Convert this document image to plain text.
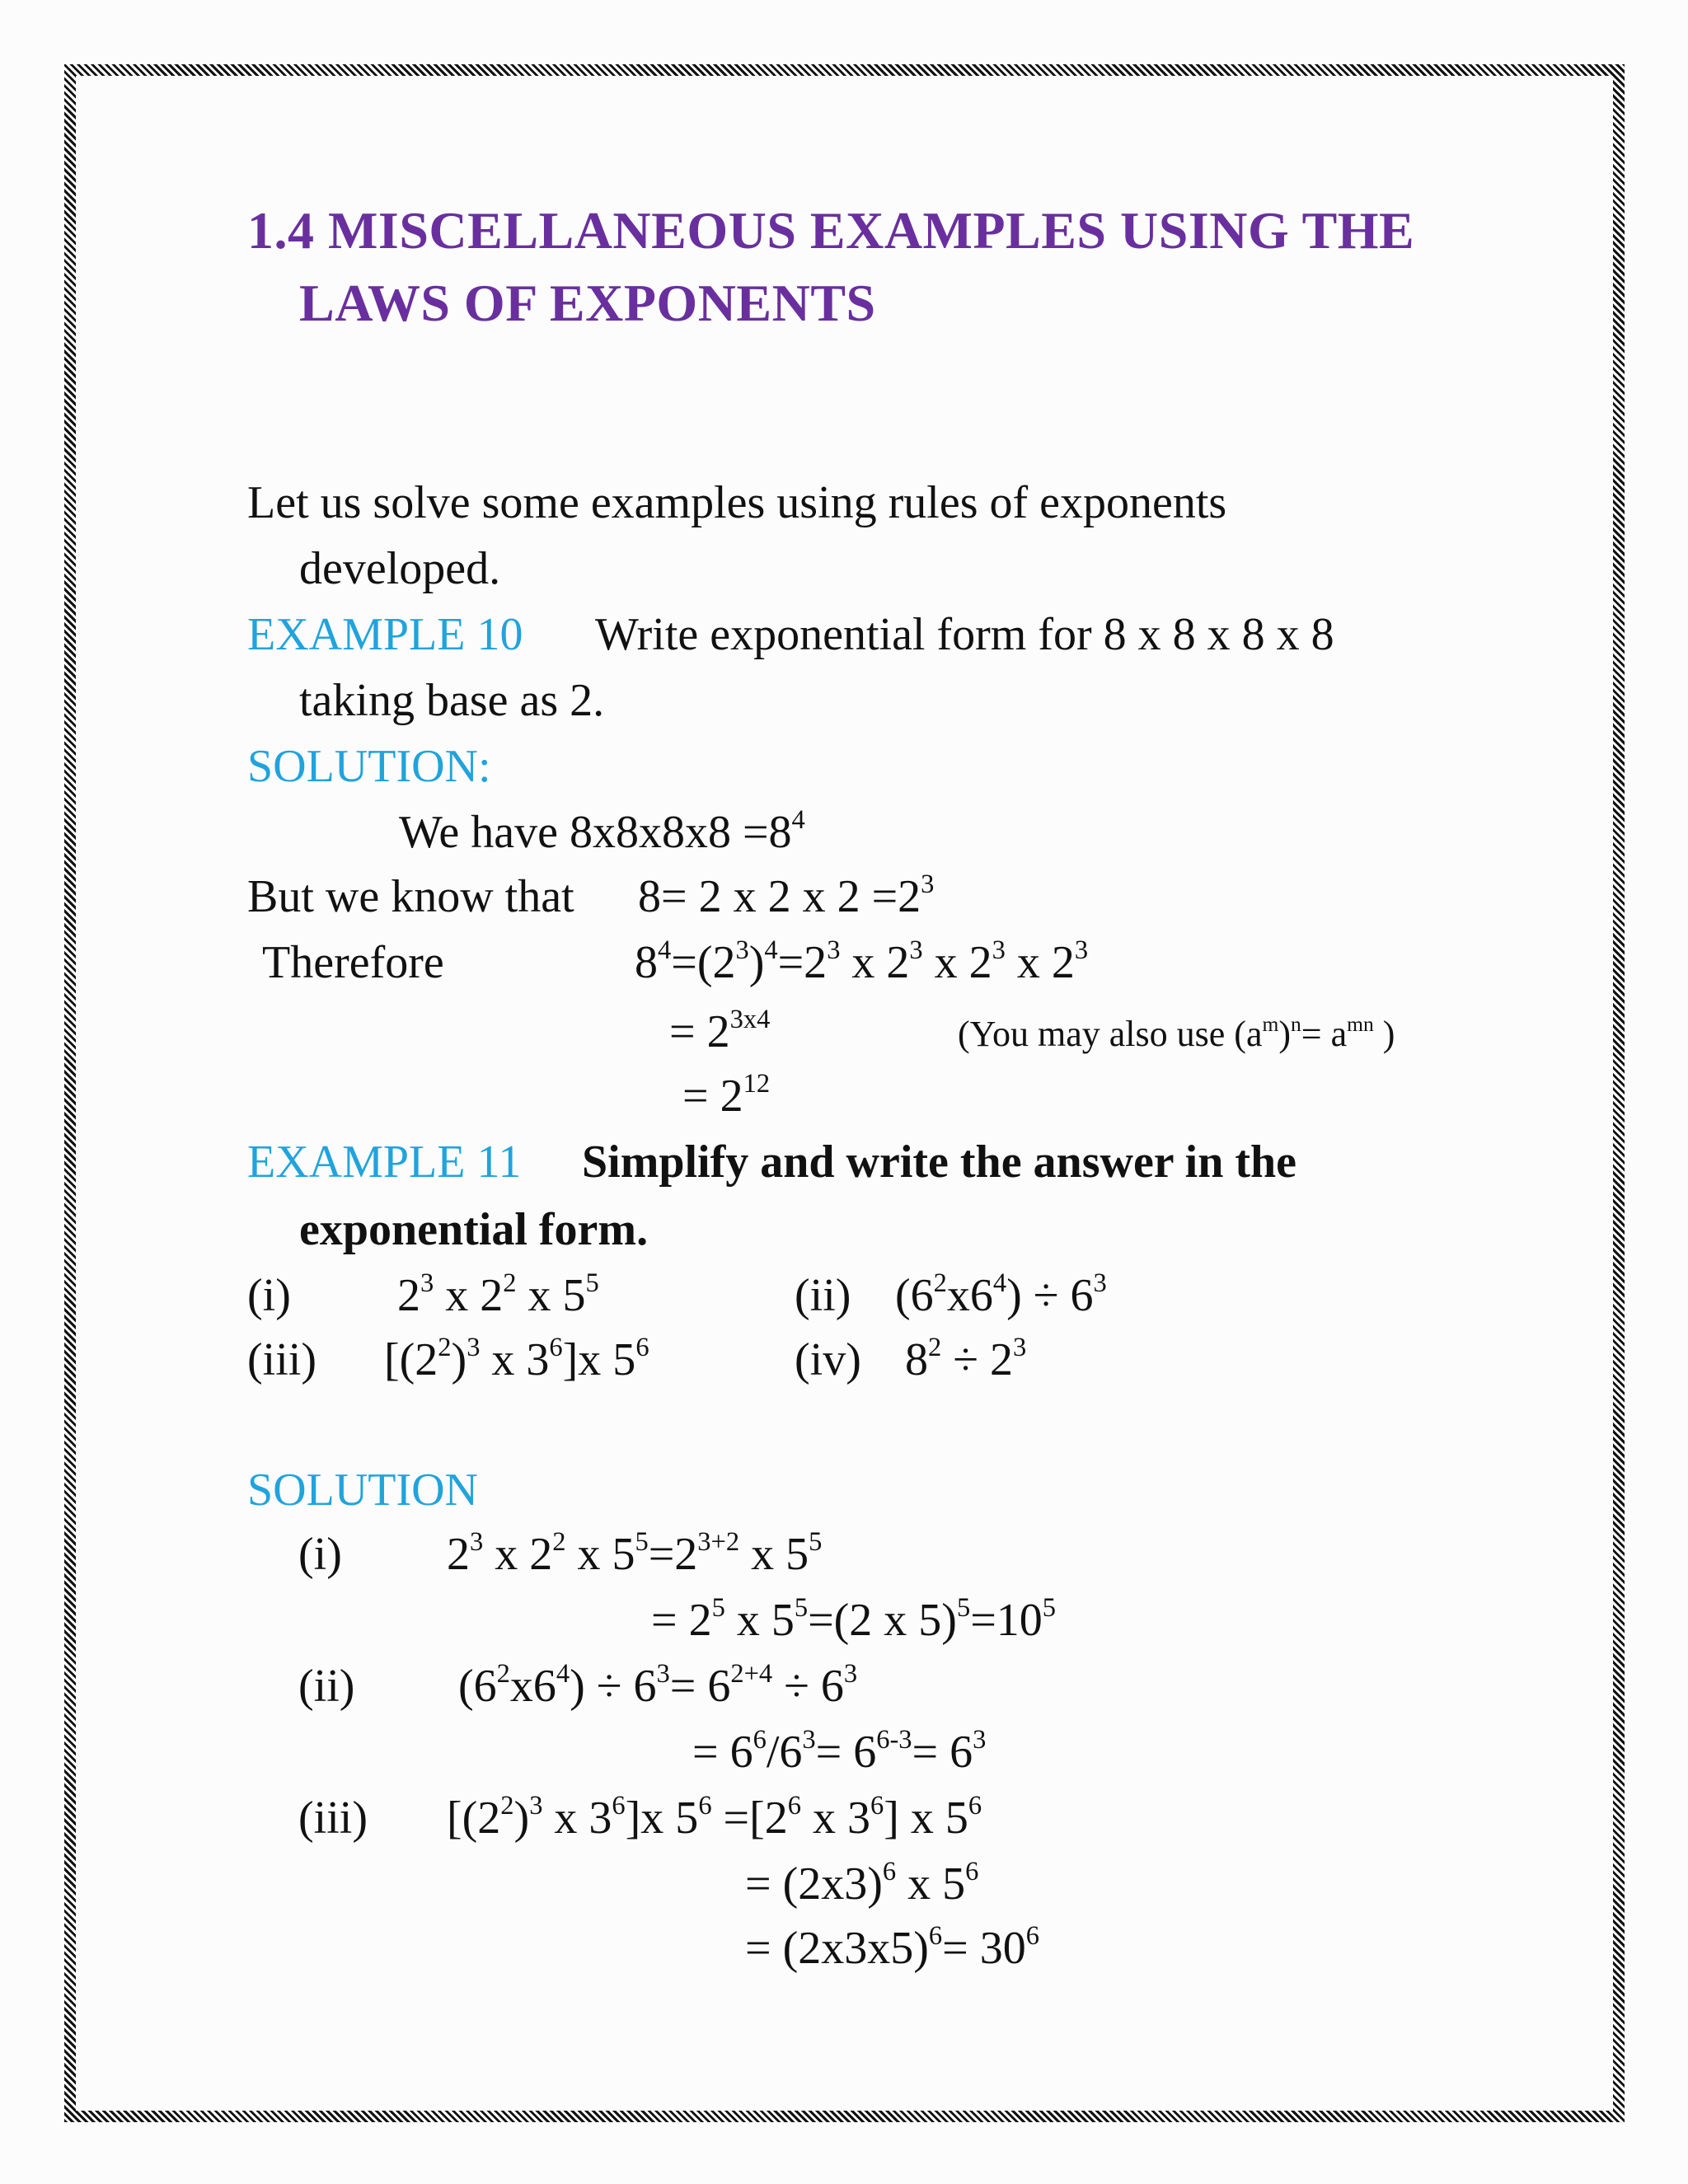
1.4 MISCELLANEOUS EXAMPLES USING THE
LAWS OF EXPONENTS
Let us solve some examples using rules of exponents
developed.
EXAMPLE 10 Write exponential form for 8 x 8 x 8 x 8
taking base as 2.
SOLUTION:
We have $8x8x8x8 =8^4$
But we know that 8= 2 x 2 x $2 =2^3$
Therefore	$8^4=(2^3)^4=2^3$ x $2^3$ x $2^3$ x $2^3$
= $2^{3x4}$	(You may also use $(a^m)^n= a^{mn}$ )
= $2^{12}$
EXAMPLE 11 Simplify and write the answer in the
exponential form.
(i) $2^3$ x $2^2$ x $5^5$	(ii) $(6^2x6^4) \div 6^3$
(iii) [$(2^2)^3$ x $3^6]x$ $5^6$	(iv) $8^2 \div 2^3$
SOLUTION
(i) $2^3$ x $2^2$ x $5^5=2^{3+2}$ x $5^5$
= $2^5$ x $5^5=(2$ x $5)^5=10^5$
(ii) $(6^2x6^4) \div 6^3= 6^{2+4} \div 6^3$
= $6^6/6^3= 6^{6-3}= 6^3$
(iii) [$(2^2)^3$ x $3^6]x$ $5^6 =[2^6$ x $3^6$] x $5^6$
= $(2x3)^6$ x $5^6$
= $(2x3x5)^6= 30^6$
